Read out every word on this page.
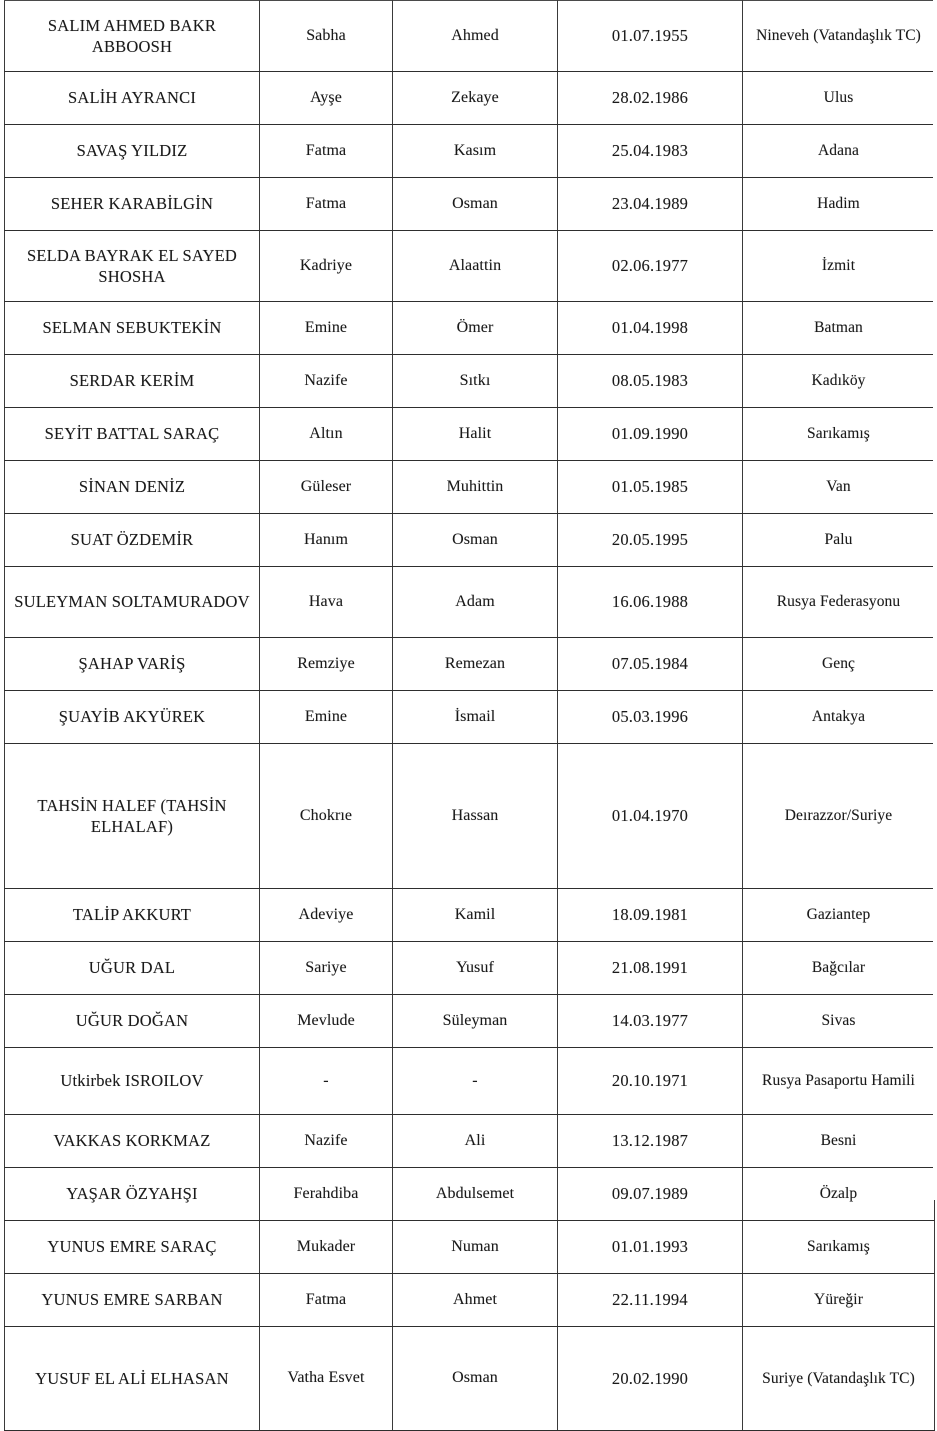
SALIM AHMED BAKR ABBOOSH	Sabha	Ahmed	01.07.1955	Nineveh (Vatandaşlık TC)

SALİH AYRANCI	Ayşe	Zekaye	28.02.1986	Ulus

SAVAŞ YILDIZ	Fatma	Kasım	25.04.1983	Adana

SEHER KARABİLGİN	Fatma	Osman	23.04.1989	Hadim

SELDA BAYRAK EL SAYED SHOSHA	Kadriye	Alaattin	02.06.1977	İzmit

SELMAN SEBUKTEKİN	Emine	Ömer	01.04.1998	Batman

SERDAR KERİM	Nazife	Sıtkı	08.05.1983	Kadıköy

SEYİT BATTAL SARAÇ	Altın	Halit	01.09.1990	Sarıkamış

SİNAN DENİZ	Güleser	Muhittin	01.05.1985	Van

SUAT ÖZDEMİR	Hanım	Osman	20.05.1995	Palu

SULEYMAN SOLTAMURADOV	Hava	Adam	16.06.1988	Rusya Federasyonu

ŞAHAP VARİŞ	Remziye	Remezan	07.05.1984	Genç

ŞUAYİB AKYÜREK	Emine	İsmail	05.03.1996	Antakya

TAHSİN HALEF (TAHSİN ELHALAF)	Chokrıe	Hassan	01.04.1970	Deırazzor/Suriye

TALİP AKKURT	Adeviye	Kamil	18.09.1981	Gaziantep

UĞUR DAL	Sariye	Yusuf	21.08.1991	Bağcılar

UĞUR DOĞAN	Mevlude	Süleyman	14.03.1977	Sivas

Utkirbek ISROILOV	-	-	20.10.1971	Rusya Pasaportu Hamili

VAKKAS KORKMAZ	Nazife	Ali	13.12.1987	Besni

YAŞAR ÖZYAHŞI	Ferahdiba	Abdulsemet	09.07.1989	Özalp

YUNUS EMRE SARAÇ	Mukader	Numan	01.01.1993	Sarıkamış

YUNUS EMRE SARBAN	Fatma	Ahmet	22.11.1994	Yüreğir

YUSUF EL ALİ ELHASAN	Vatha Esvet	Osman	20.02.1990	Suriye (Vatandaşlık TC)
